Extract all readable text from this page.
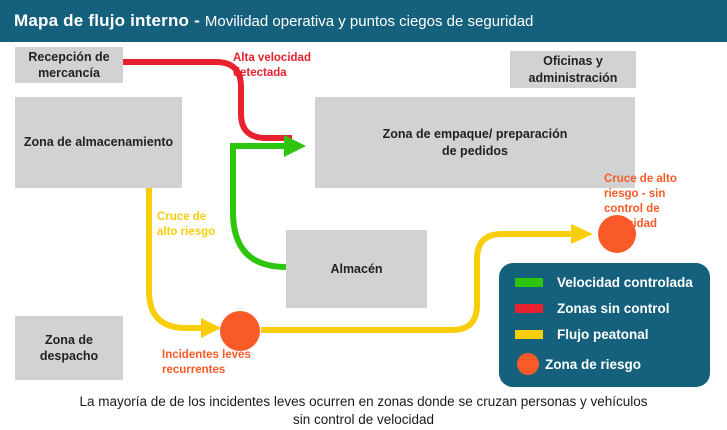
Mapa de flujo interno - Movilidad operativa y puntos ciegos de seguridad
Recepción de mercancía
Zona de almacenamiento
Oficinas y administración
Zona de empaque/ preparación de pedidos
Almacén
Zona de despacho
Alta velocidad detectada
Cruce de alto riesgo
Incidentes leves recurrentes
Cruce de alto riesgo - sin control de velocidad
Velocidad controlada
Zonas sin control
Flujo peatonal
Zona de riesgo
La mayoría de de los incidentes leves ocurren en zonas donde se cruzan personas y vehículos sin control de velocidad
